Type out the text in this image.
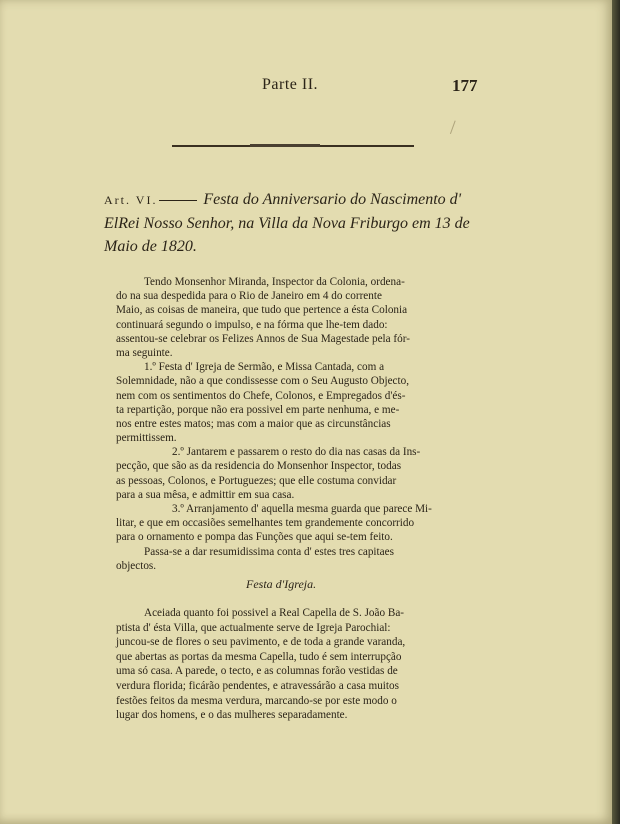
Parte II.	177
Art. VI.	Festa do Anniversario do Nascimento d' ElRei Nosso Senhor, na Villa da Nova Friburgo em 13 de Maio de 1820.
Tendo Monsenhor Miranda, Inspector da Colonia, ordena-
do na sua despedida para o Rio de Janeiro em 4 do corrente
Maio, as coisas de maneira, que tudo que pertence a ésta Colonia
continuará segundo o impulso, e na fórma que lhe-tem dado:
assentou-se celebrar os Felizes Annos de Sua Magestade pela fór-
ma seguinte.
1.º Festa d' Igreja de Sermão, e Missa Cantada, com a
Solemnidade, não a que condissesse com o Seu Augusto Objecto,
nem com os sentimentos do Chefe, Colonos, e Empregados d'és-
ta repartição, porque não era possivel em parte nenhuma, e me-
nos entre estes matos; mas com a maior que as circunstâncias
permittissem.
2.º Jantarem e passarem o resto do dia nas casas da Ins-
pecção, que são as da residencia do Monsenhor Inspector, todas
as pessoas, Colonos, e Portuguezes; que elle costuma convidar
para a sua mêsa, e admittir em sua casa.
3.º Arranjamento d' aquella mesma guarda que parece Mi-
litar, e que em occasiões semelhantes tem grandemente concorrido
para o ornamento e pompa das Funções que aqui se-tem feito.
Passa-se a dar resumidissima conta d' estes tres capitaes
objectos.
Festa d'Igreja.
Aceiada quanto foi possivel a Real Capella de S. João Ba-
ptista d' ésta Villa, que actualmente serve de Igreja Parochial:
juncou-se de flores o seu pavimento, e de toda a grande varanda,
que abertas as portas da mesma Capella, tudo é sem interrupção
uma só casa. A parede, o tecto, e as columnas forão vestidas de
verdura florida; ficárão pendentes, e atravessárão a casa muitos
festões feitos da mesma verdura, marcando-se por este modo o
lugar dos homens, e o das mulheres separadamente.
